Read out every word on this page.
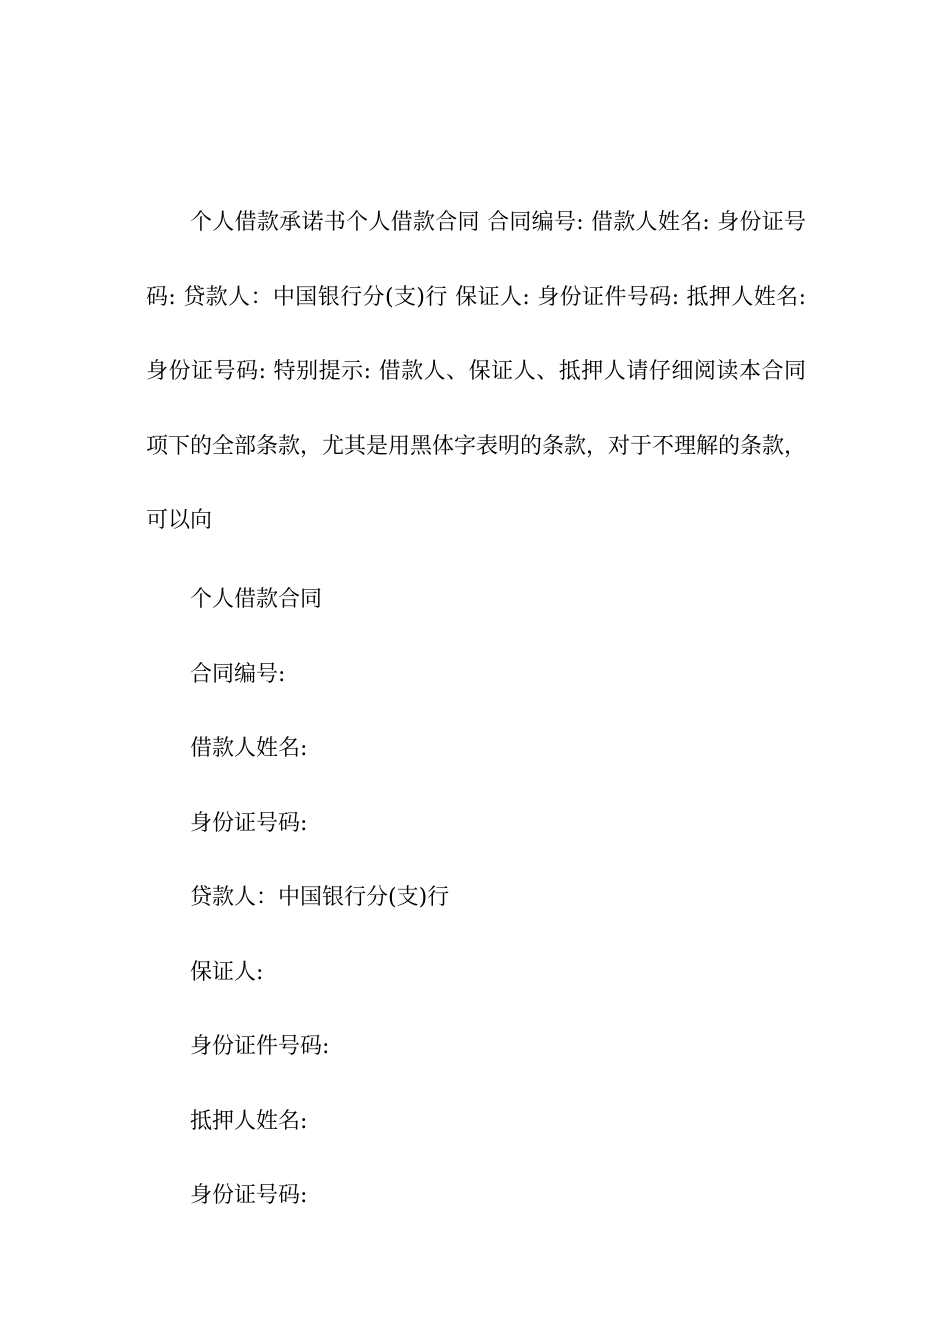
个人借款承诺书个人借款合同 合同编号: 借款人姓名: 身份证号码: 贷款人：中国银行分(支)行 保证人: 身份证件号码: 抵押人姓名: 身份证号码: 特别提示: 借款人、保证人、抵押人请仔细阅读本合同项下的全部条款，尤其是用黑体字表明的条款，对于不理解的条款，可以向

个人借款合同
合同编号:
借款人姓名:
身份证号码:
贷款人：中国银行分(支)行
保证人:
身份证件号码:
抵押人姓名:
身份证号码:
